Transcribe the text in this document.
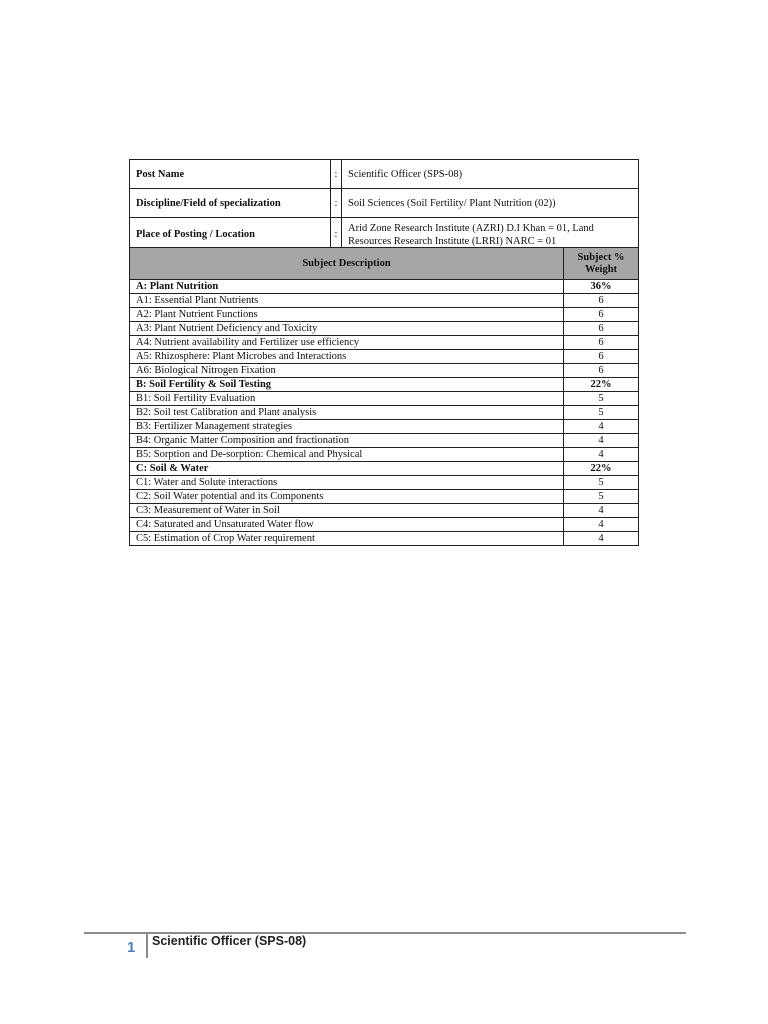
Post Name	:	Scientific Officer (SPS-08)
Discipline/Field of specialization	:	Soil Sciences (Soil Fertility/ Plant Nutrition (02))
Place of Posting / Location	:	Arid Zone Research Institute (AZRI) D.I Khan = 01, Land Resources Research Institute (LRRI) NARC = 01
Subject Description	Subject % Weight
A: Plant Nutrition	36%
A1: Essential Plant Nutrients	6
A2: Plant Nutrient Functions	6
A3: Plant Nutrient Deficiency and Toxicity	6
A4: Nutrient availability and Fertilizer use efficiency	6
A5: Rhizosphere: Plant Microbes and Interactions	6
A6: Biological Nitrogen Fixation	6
B: Soil Fertility & Soil Testing	22%
B1: Soil Fertility Evaluation	5
B2: Soil test Calibration and Plant analysis	5
B3: Fertilizer Management strategies	4
B4: Organic Matter Composition and fractionation	4
B5: Sorption and De-sorption: Chemical and Physical	4
C: Soil & Water	22%
C1: Water and Solute interactions	5
C2: Soil Water potential and its Components	5
C3: Measurement of Water in Soil	4
C4: Saturated and Unsaturated Water flow	4
C5: Estimation of Crop Water requirement	4
1 Scientific Officer (SPS-08)
